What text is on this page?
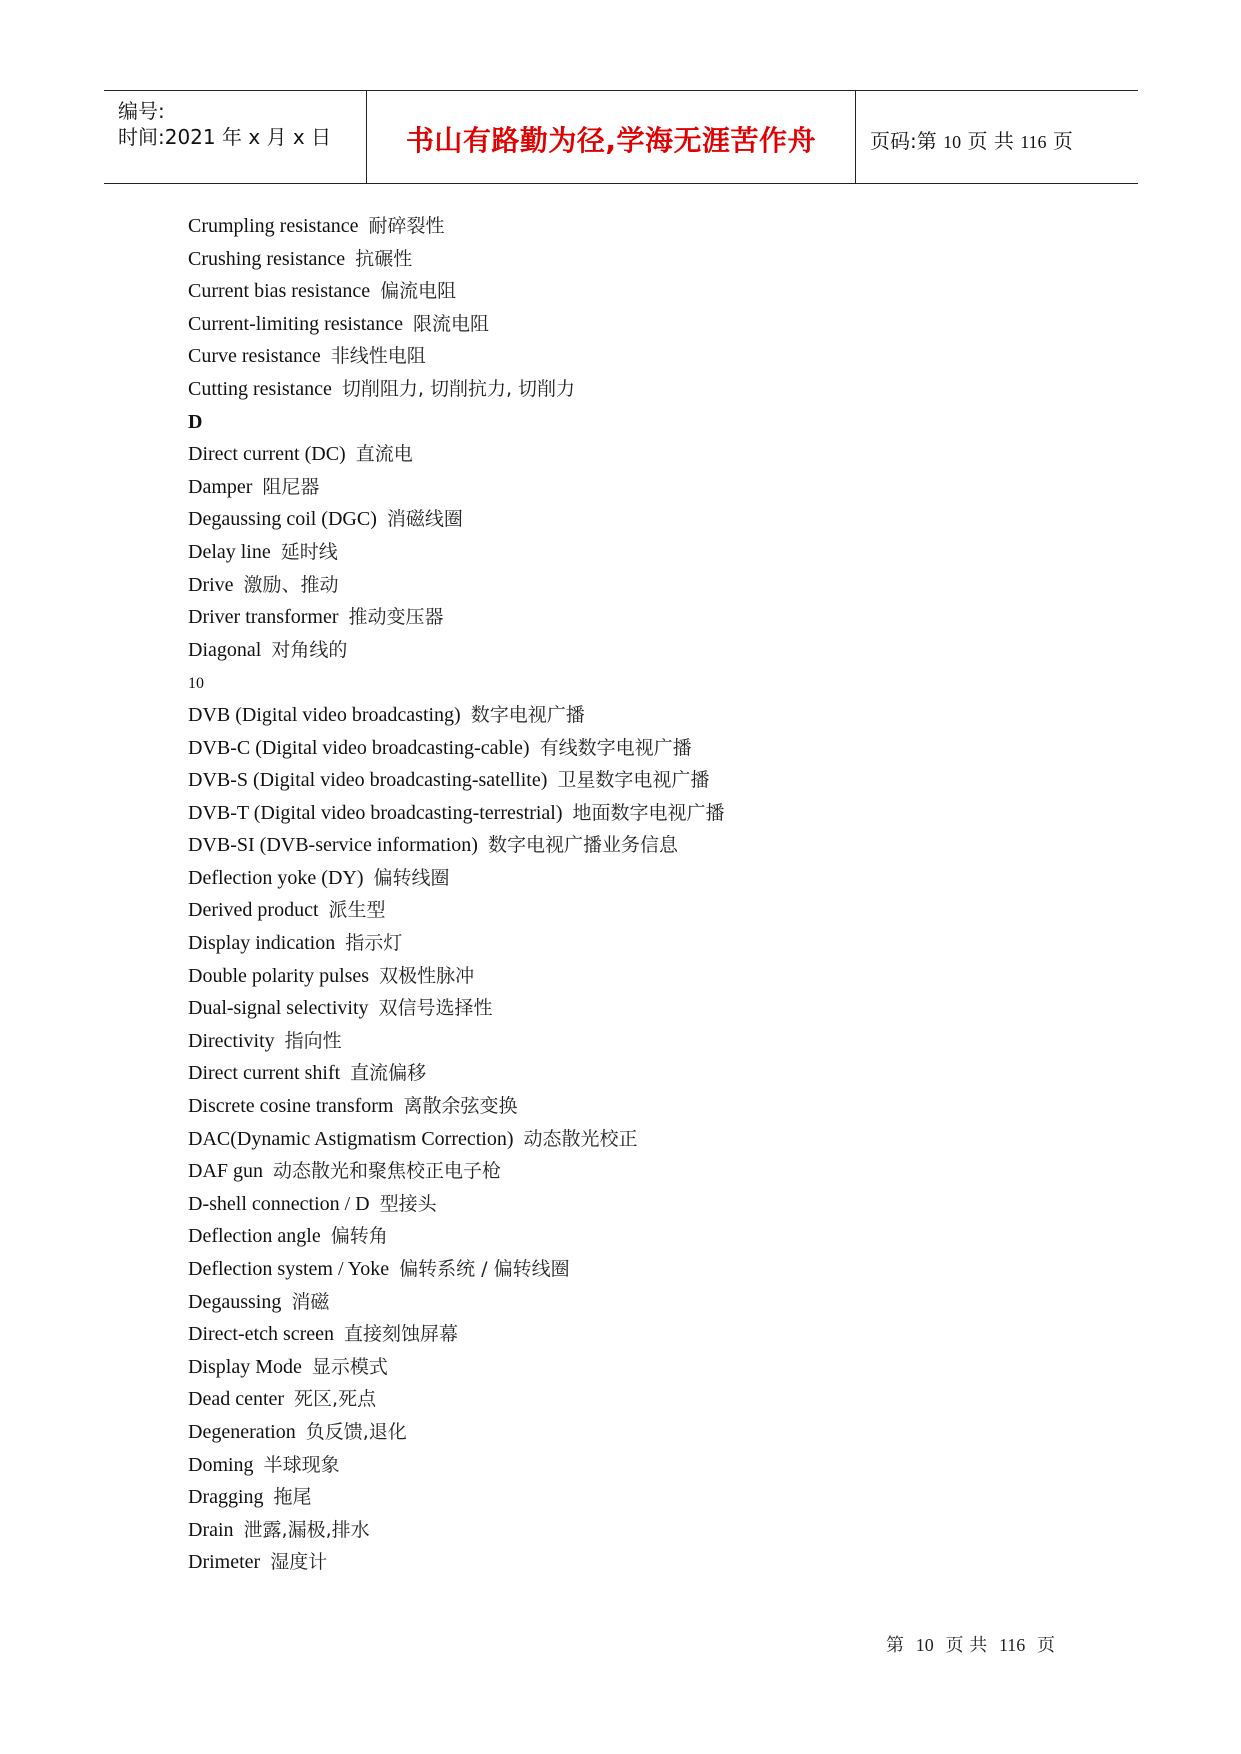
编号:
时间:2021 年 x 月 x 日	书山有路勤为径,学海无涯苦作舟	页码:第 10 页 共 116 页
Crumpling resistance 耐碎裂性
Crushing resistance 抗碾性
Current bias resistance 偏流电阻
Current-limiting resistance 限流电阻
Curve resistance 非线性电阻
Cutting resistance 切削阻力, 切削抗力, 切削力
D
Direct current (DC) 直流电
Damper 阻尼器
Degaussing coil (DGC) 消磁线圈
Delay line 延时线
Drive 激励、推动
Driver transformer 推动变压器
Diagonal 对角线的
10
DVB (Digital video broadcasting) 数字电视广播
DVB-C (Digital video broadcasting-cable) 有线数字电视广播
DVB-S (Digital video broadcasting-satellite) 卫星数字电视广播
DVB-T (Digital video broadcasting-terrestrial) 地面数字电视广播
DVB-SI (DVB-service information) 数字电视广播业务信息
Deflection yoke (DY) 偏转线圈
Derived product 派生型
Display indication 指示灯
Double polarity pulses 双极性脉冲
Dual-signal selectivity 双信号选择性
Directivity 指向性
Direct current shift 直流偏移
Discrete cosine transform 离散余弦变换
DAC(Dynamic Astigmatism Correction) 动态散光校正
DAF gun 动态散光和聚焦校正电子枪
D-shell connection / D 型接头
Deflection angle 偏转角
Deflection system / Yoke 偏转系统 / 偏转线圈
Degaussing 消磁
Direct-etch screen 直接刻蚀屏幕
Display Mode 显示模式
Dead center 死区,死点
Degeneration 负反馈,退化
Doming 半球现象
Dragging 拖尾
Drain 泄露,漏极,排水
Drimeter 湿度计
第 10 页 共 116 页
